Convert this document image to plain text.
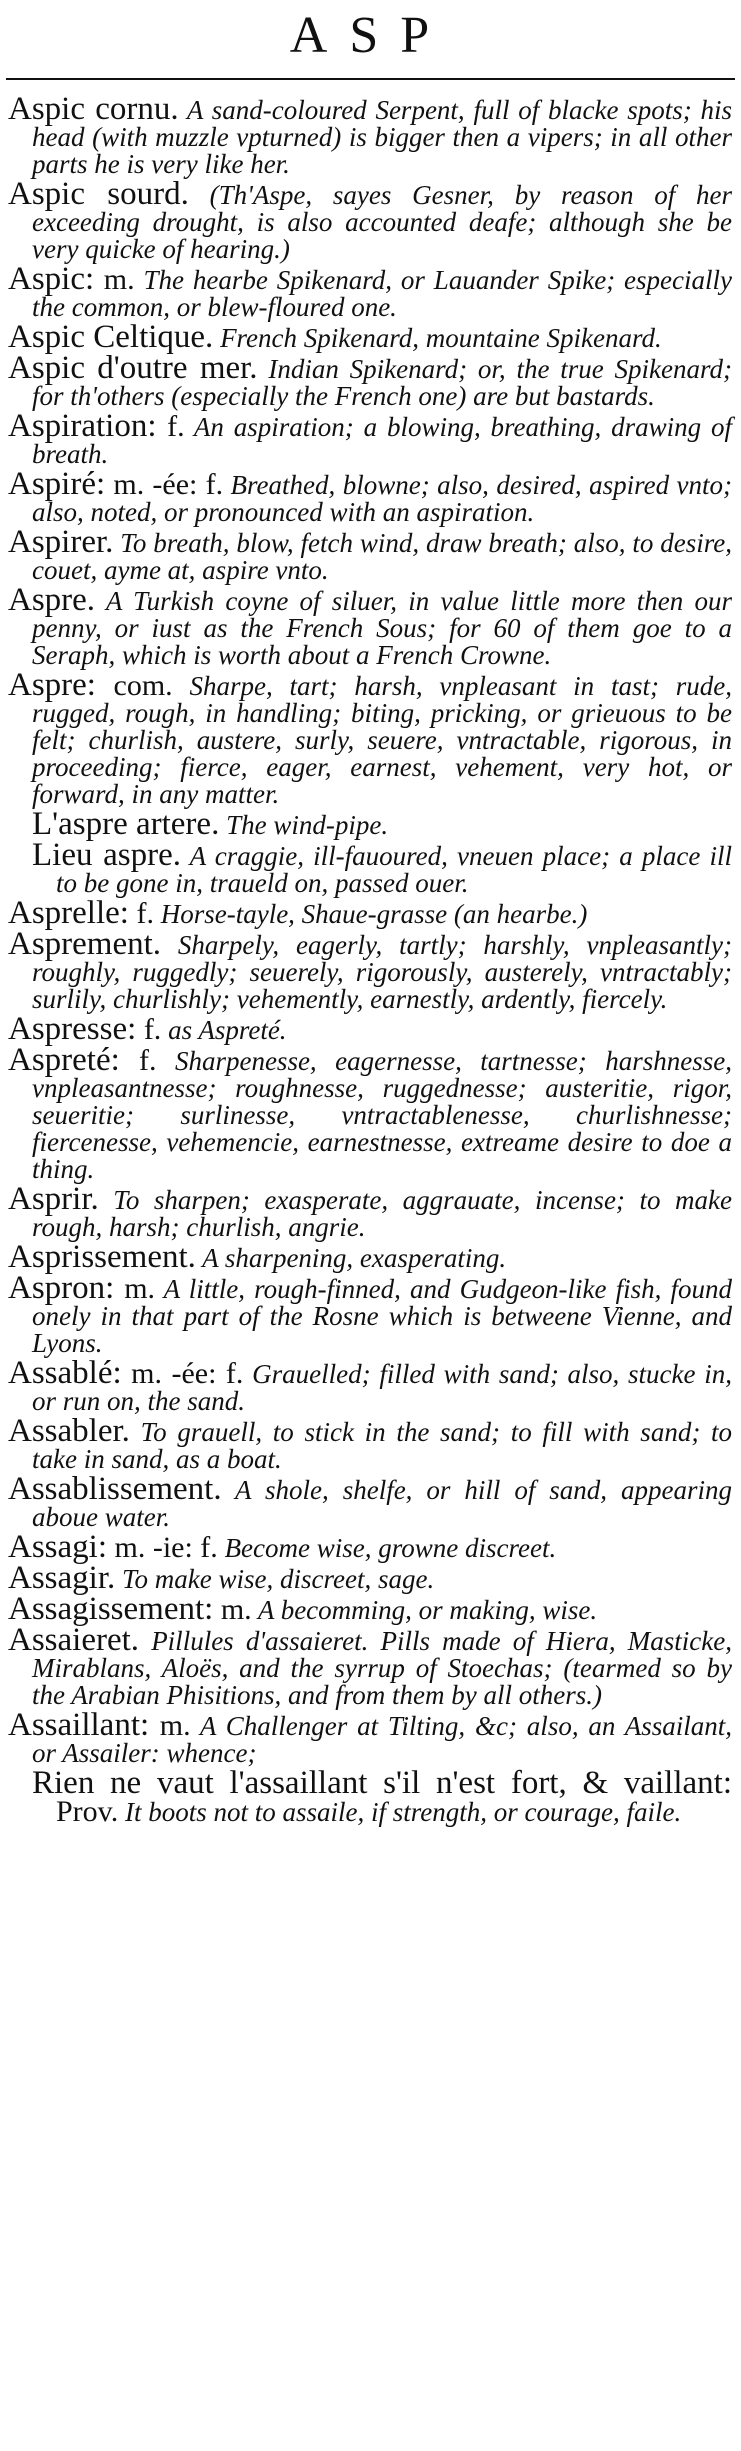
ASP
Aspic cornu. A sand-coloured Serpent, full of blacke spots; his head (with muzzle vpturned) is bigger then a vipers; in all other parts he is very like her.
Aspic sourd. (Th'Aspe, sayes Gesner, by reason of her exceeding drought, is also accounted deafe; although she be very quicke of hearing.)
Aspic: m. The hearbe Spikenard, or Lauander Spike; especially the common, or blew-floured one.
Aspic Celtique. French Spikenard, mountaine Spikenard.
Aspic d'outre mer. Indian Spikenard; or, the true Spikenard; for th'others (especially the French one) are but bastards.
Aspiration: f. An aspiration; a blowing, breathing, drawing of breath.
Aspiré: m. -ée: f. Breathed, blowne; also, desired, aspired vnto; also, noted, or pronounced with an aspiration.
Aspirer. To breath, blow, fetch wind, draw breath; also, to desire, couet, ayme at, aspire vnto.
Aspre. A Turkish coyne of siluer, in value little more then our penny, or iust as the French Sous; for 60 of them goe to a Seraph, which is worth about a French Crowne.
Aspre: com. Sharpe, tart; harsh, vnpleasant in tast; rude, rugged, rough, in handling; biting, pricking, or grieuous to be felt; churlish, austere, surly, seuere, vntractable, rigorous, in proceeding; fierce, eager, earnest, vehement, very hot, or forward, in any matter.
L'aspre artere. The wind-pipe.
Lieu aspre. A craggie, ill-fauoured, vneuen place; a place ill to be gone in, traueld on, passed ouer.
Asprelle: f. Horse-tayle, Shaue-grasse (an hearbe.)
Asprement. Sharpely, eagerly, tartly; harshly, vnpleasantly; roughly, ruggedly; seuerely, rigorously, austerely, vntractably; surlily, churlishly; vehemently, earnestly, ardently, fiercely.
Aspresse: f. as Aspreté.
Aspreté: f. Sharpenesse, eagernesse, tartnesse; harshnesse, vnpleasantnesse; roughnesse, ruggednesse; austeritie, rigor, seueritie; surlinesse, vntractablenesse, churlishnesse; fiercenesse, vehemencie, earnestnesse, extreame desire to doe a thing.
Asprir. To sharpen; exasperate, aggrauate, incense; to make rough, harsh; churlish, angrie.
Asprissement. A sharpening, exasperating.
Aspron: m. A little, rough-finned, and Gudgeon-like fish, found onely in that part of the Rosne which is betweene Vienne, and Lyons.
Assablé: m. -ée: f. Grauelled; filled with sand; also, stucke in, or run on, the sand.
Assabler. To grauell, to stick in the sand; to fill with sand; to take in sand, as a boat.
Assablissement. A shole, shelfe, or hill of sand, appearing aboue water.
Assagi: m. -ie: f. Become wise, growne discreet.
Assagir. To make wise, discreet, sage.
Assagissement: m. A becomming, or making, wise.
Assaieret. Pillules d'assaieret. Pills made of Hiera, Masticke, Mirablans, Aloës, and the syrrup of Stoechas; (tearmed so by the Arabian Phisitions, and from them by all others.)
Assaillant: m. A Challenger at Tilting, &c; also, an Assailant, or Assailer: whence;
Rien ne vaut l'assaillant s'il n'est fort, & vaillant: Prov. It boots not to assaile, if strength, or courage, faile.
